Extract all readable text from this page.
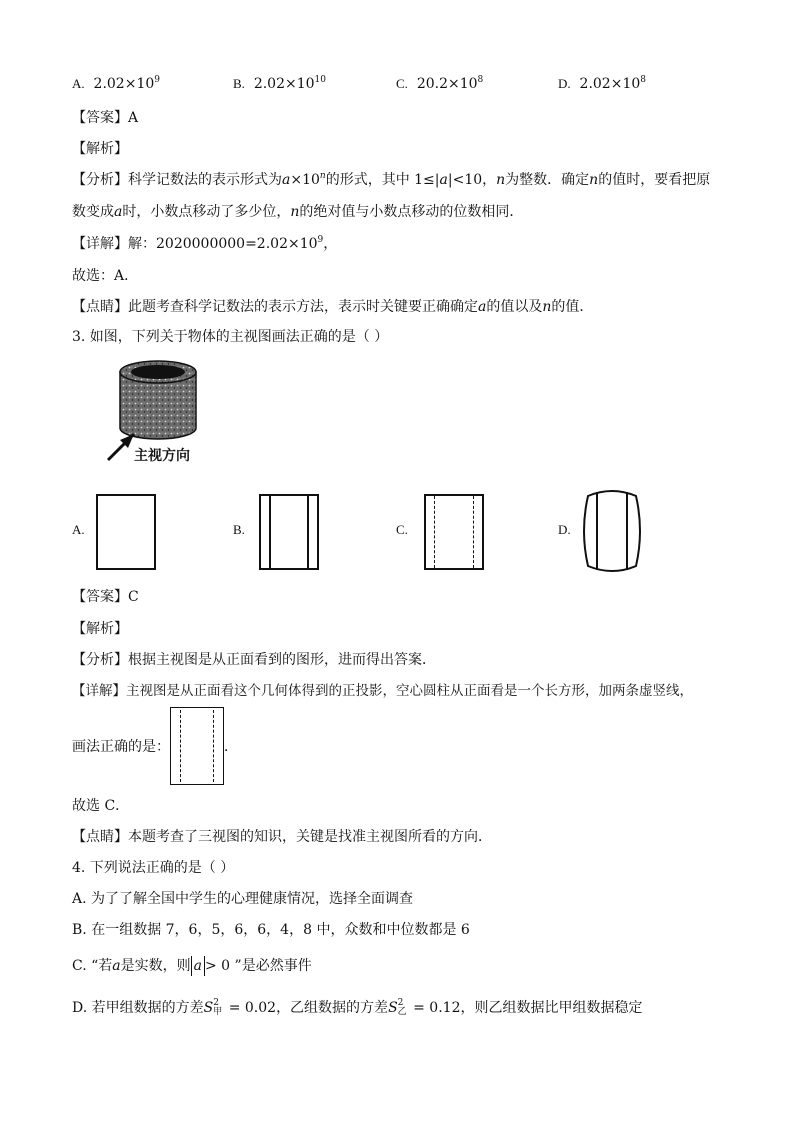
A. $2.02\times 10^9$	B. $2.02\times 10^{10}$	C. $20.2\times 10^8$	D. $2.02\times 10^8$
【答案】A
【解析】
【分析】科学记数法的表示形式为$a\times 10^n$的形式，其中 1≤|a|<10，n为整数．确定n的值时，要看把原
数变成a时，小数点移动了多少位，n的绝对值与小数点移动的位数相同．
【详解】解：$2020000000=2.02\times 10^9$，
故选：A．
【点睛】此题考查科学记数法的表示方法，表示时关键要正确确定a的值以及n的值．
3. 如图，下列关于物体的主视图画法正确的是（ ）
主视方向
A.	B.	C.	D.
【答案】C
【解析】
【分析】根据主视图是从正面看到的图形，进而得出答案．
【详解】主视图是从正面看这个几何体得到的正投影，空心圆柱从正面看是一个长方形，加两条虚竖线，
画法正确的是：	．
故选 C．
【点睛】本题考查了三视图的知识，关键是找准主视图所看的方向．
4. 下列说法正确的是（ ）
A. 为了了解全国中学生的心理健康情况，选择全面调查
B. 在一组数据 7，6，5，6，6，4，8 中，众数和中位数都是 6
C. “若a是实数，则 a > 0 ”是必然事件
D. 若甲组数据的方差S 2
甲 = 0.02，乙组数据的方差S 2
乙 = 0.12，则乙组数据比甲组数据稳定
